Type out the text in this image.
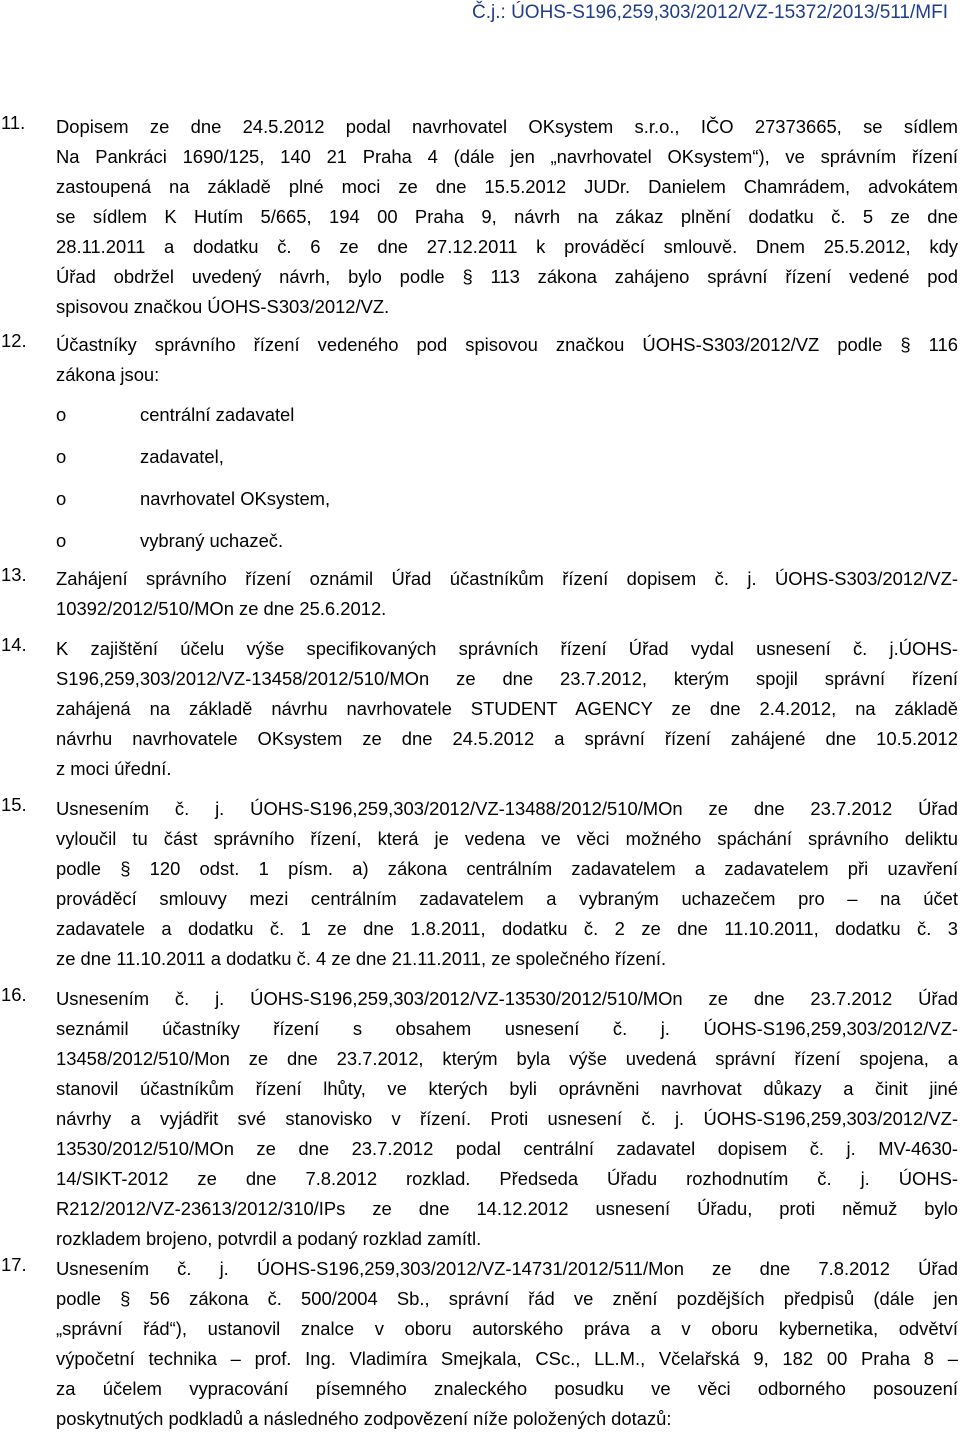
Č.j.: ÚOHS-S196,259,303/2012/VZ-15372/2013/511/MFI
11.	Dopisem ze dne 24.5.2012 podal navrhovatel OKsystem s.r.o., IČO 27373665, se sídlem
Na Pankráci 1690/125, 140 21 Praha 4 (dále jen „navrhovatel OKsystem“), ve správním řízení
zastoupená na základě plné moci ze dne 15.5.2012 JUDr. Danielem Chamrádem, advokátem
se sídlem K Hutím 5/665, 194 00 Praha 9, návrh na zákaz plnění dodatku č. 5 ze dne
28.11.2011 a dodatku č. 6 ze dne 27.12.2011 k prováděcí smlouvě. Dnem 25.5.2012, kdy
Úřad obdržel uvedený návrh, bylo podle § 113 zákona zahájeno správní řízení vedené pod
spisovou značkou ÚOHS-S303/2012/VZ.
12.	Účastníky správního řízení vedeného pod spisovou značkou ÚOHS-S303/2012/VZ podle § 116
zákona jsou:
o	centrální zadavatel
o	zadavatel,
o	navrhovatel OKsystem,
o	vybraný uchazeč.
13.	Zahájení správního řízení oznámil Úřad účastníkům řízení dopisem č. j. ÚOHS-S303/2012/VZ-
10392/2012/510/MOn ze dne 25.6.2012.
14.	K zajištění účelu výše specifikovaných správních řízení Úřad vydal usnesení č. j.ÚOHS-
S196,259,303/2012/VZ-13458/2012/510/MOn ze dne 23.7.2012, kterým spojil správní řízení
zahájená na základě návrhu navrhovatele STUDENT AGENCY ze dne 2.4.2012, na základě
návrhu navrhovatele OKsystem ze dne 24.5.2012 a správní řízení zahájené dne 10.5.2012
z moci úřední.
15.	Usnesením č. j. ÚOHS-S196,259,303/2012/VZ-13488/2012/510/MOn ze dne 23.7.2012 Úřad
vyloučil tu část správního řízení, která je vedena ve věci možného spáchání správního deliktu
podle § 120 odst. 1 písm. a) zákona centrálním zadavatelem a zadavatelem při uzavření
prováděcí smlouvy mezi centrálním zadavatelem a vybraným uchazečem pro – na účet
zadavatele a dodatku č. 1 ze dne 1.8.2011, dodatku č. 2 ze dne 11.10.2011, dodatku č. 3
ze dne 11.10.2011 a dodatku č. 4 ze dne 21.11.2011, ze společného řízení.
16.	Usnesením č. j. ÚOHS-S196,259,303/2012/VZ-13530/2012/510/MOn ze dne 23.7.2012 Úřad
seznámil účastníky řízení s obsahem usnesení č. j. ÚOHS-S196,259,303/2012/VZ-
13458/2012/510/Mon ze dne 23.7.2012, kterým byla výše uvedená správní řízení spojena, a
stanovil účastníkům řízení lhůty, ve kterých byli oprávněni navrhovat důkazy a činit jiné
návrhy a vyjádřit své stanovisko v řízení. Proti usnesení č. j. ÚOHS-S196,259,303/2012/VZ-
13530/2012/510/MOn ze dne 23.7.2012 podal centrální zadavatel dopisem č. j. MV-4630-
14/SIKT-2012 ze dne 7.8.2012 rozklad. Předseda Úřadu rozhodnutím č. j. ÚOHS-
R212/2012/VZ-23613/2012/310/IPs ze dne 14.12.2012 usnesení Úřadu, proti němuž bylo
rozkladem brojeno, potvrdil a podaný rozklad zamítl.
17.	Usnesením č. j. ÚOHS-S196,259,303/2012/VZ-14731/2012/511/Mon ze dne 7.8.2012 Úřad
podle § 56 zákona č. 500/2004 Sb., správní řád ve znění pozdějších předpisů (dále jen
„správní řád“), ustanovil znalce v oboru autorského práva a v oboru kybernetika, odvětví
výpočetní technika – prof. Ing. Vladimíra Smejkala, CSc., LL.M., Včelařská 9, 182 00 Praha 8 –
za účelem vypracování písemného znaleckého posudku ve věci odborného posouzení
poskytnutých podkladů a následného zodpovězení níže položených dotazů:
